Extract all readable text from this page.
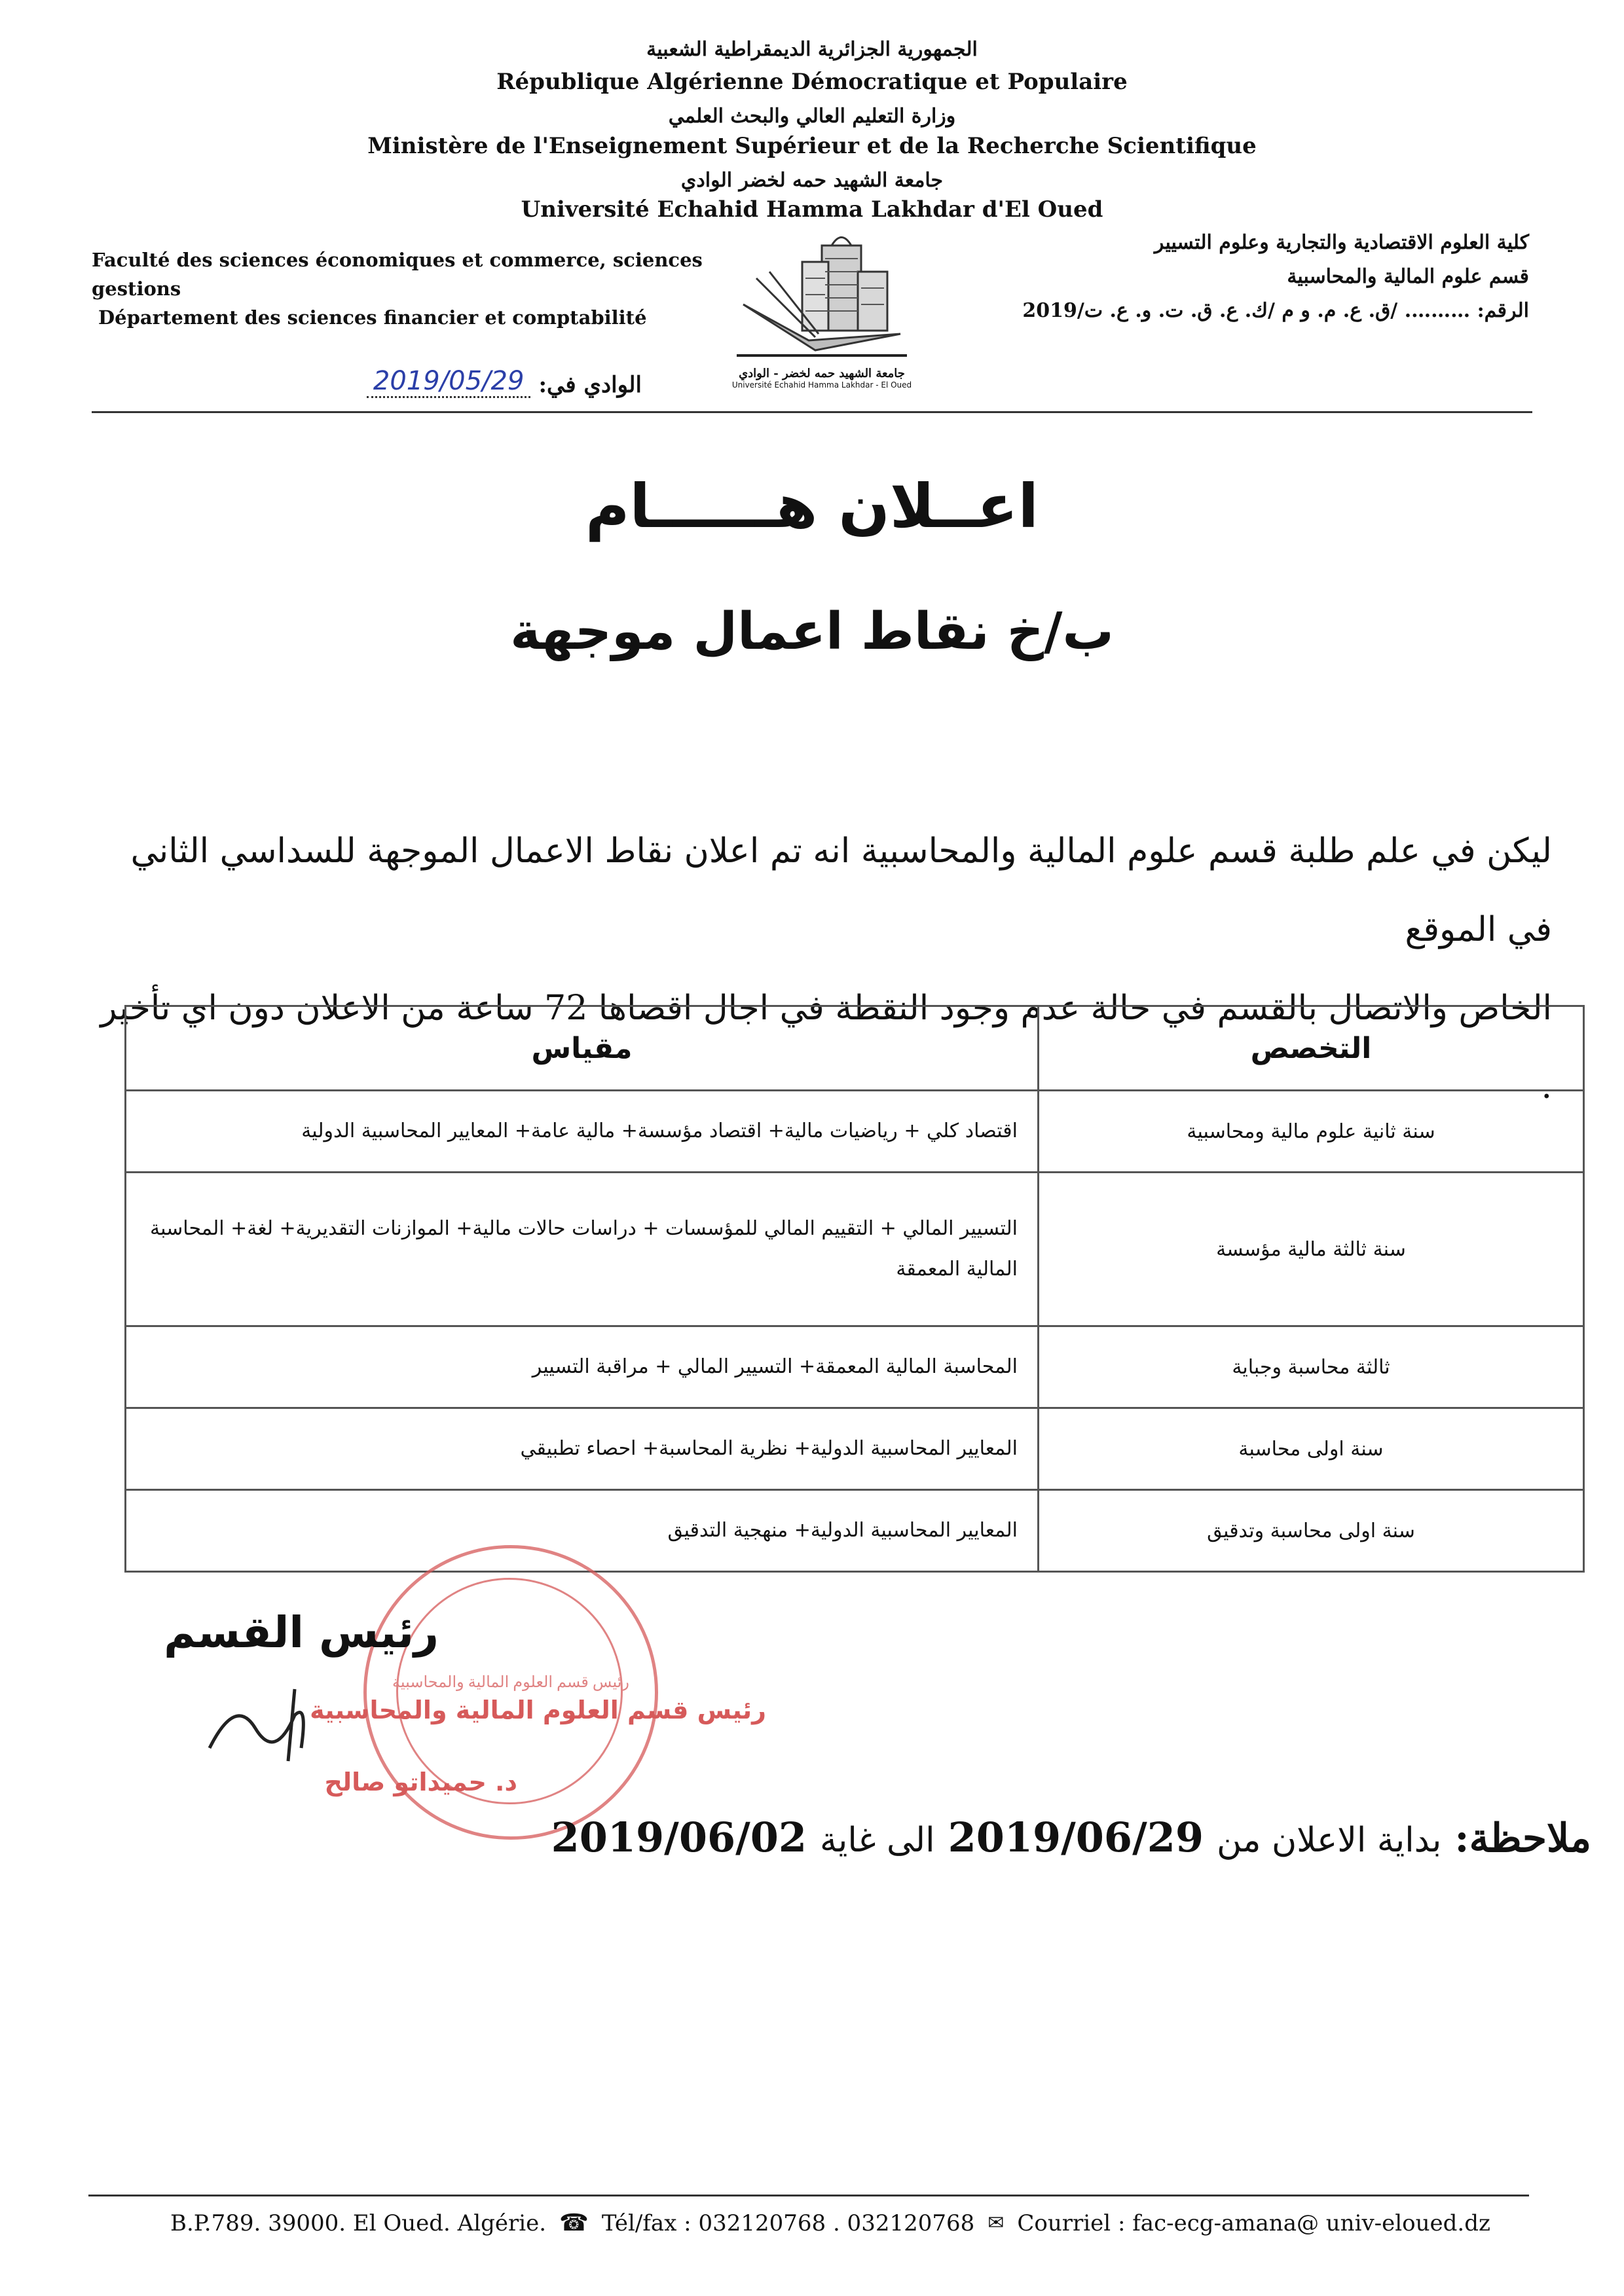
الجمهورية الجزائرية الديمقراطية الشعبية
République Algérienne Démocratique et Populaire
وزارة التعليم العالي والبحث العلمي
Ministère de l'Enseignement Supérieur et de la Recherche Scientifique
جامعة الشهيد حمه لخضر الوادي
Université Echahid Hamma Lakhdar d'El Oued
Faculté des sciences économiques et commerce, sciences
gestions
Département des sciences financier et comptabilité
كلية العلوم الاقتصادية والتجارية وعلوم التسيير
قسم علوم المالية والمحاسبية
الرقم: ………. /ق. ع. م. و م /ك. ع. ق. ت. و. ع. ت/2019
جامعة الشهيد حمه لخضر - الوادي
Université Echahid Hamma Lakhdar - El Oued
الوادي في:
2019/05/29
اعــلان هــــــام
ب/خ نقاط اعمال موجهة
ليكن في علم طلبة قسم علوم المالية والمحاسبية انه تم اعلان نقاط الاعمال الموجهة للسداسي الثاني في الموقع
الخاص والاتصال بالقسم في حالة عدم وجود النقطة في اجال اقصاها 72 ساعة من الاعلان دون اي تأخير .
التخصص	مقياس
سنة ثانية علوم مالية ومحاسبية	اقتصاد كلي + رياضيات مالية+ اقتصاد مؤسسة+ مالية عامة+ المعايير المحاسبية الدولية
سنة ثالثة مالية مؤسسة	التسيير المالي + التقييم المالي للمؤسسات + دراسات حالات مالية+ الموازنات التقديرية+ لغة+ المحاسبة المالية المعمقة
ثالثة محاسبة وجباية	المحاسبة المالية المعمقة+ التسيير المالي + مراقبة التسيير
سنة اولى محاسبة	المعايير المحاسبية الدولية+ نظرية المحاسبة+ احصاء تطبيقي
سنة اولى محاسبة وتدقيق	المعايير المحاسبية الدولية+ منهجية التدقيق
رئيس قسم العلوم المالية والمحاسبية
رئيس القسم
رئيس قسم العلوم المالية والمحاسبية
د. حميداتو صالح
ملاحظة:
بداية الاعلان من
2019/06/29
الى غاية
2019/06/02
B.P.789. 39000. El Oued. Algérie. ☎ Tél/fax : 032120768 . 032120768 ✉ Courriel : fac-ecg-amana@ univ-eloued.dz
